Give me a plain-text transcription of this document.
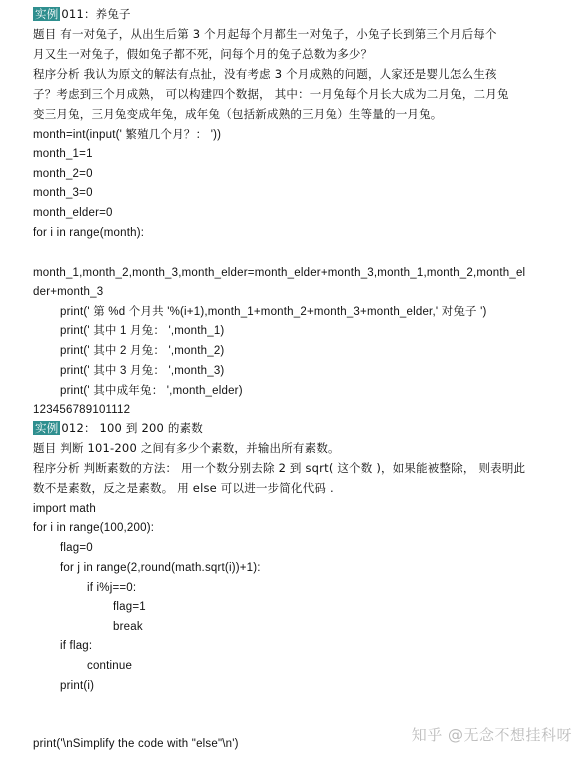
实例 011：养兔子
题目 有一对兔子，从出生后第 3 个月起每个月都生一对兔子，小兔子长到第三个月后每个
月又生一对兔子，假如兔子都不死，问每个月的兔子总数为多少？
程序分析 我认为原文的解法有点扯，没有考虑 3 个月成熟的问题，人家还是婴儿怎么生孩
子？考虑到三个月成熟， 可以构建四个数据， 其中：一月兔每个月长大成为二月兔，二月兔
变三月兔，三月兔变成年兔，成年兔（包括新成熟的三月兔）生等量的一月兔。
month=int(input(' 繁殖几个月？： '))
month_1=1
month_2=0
month_3=0
month_elder=0
for i in range(month):
month_1,month_2,month_3,month_elder=month_elder+month_3,month_1,month_2,month_el
der+month_3
print(' 第 %d 个月共 '%(i+1),month_1+month_2+month_3+month_elder,' 对兔子 ')
print(' 其中 1 月兔： ',month_1)
print(' 其中 2 月兔： ',month_2)
print(' 其中 3 月兔： ',month_3)
print(' 其中成年兔： ',month_elder)
123456789101112
实例 012： 100 到 200 的素数
题目 判断 101-200 之间有多少个素数，并输出所有素数。
程序分析 判断素数的方法： 用一个数分别去除 2 到 sqrt( 这个数 )，如果能被整除， 则表明此
数不是素数，反之是素数。 用 else 可以进一步简化代码 .
import math
for i in range(100,200):
flag=0
for j in range(2,round(math.sqrt(i))+1):
if i%j==0:
flag=1
break
if flag:
continue
print(i)
print('\nSimplify the code with "else"\n')	知乎 @无念不想挂科呀
